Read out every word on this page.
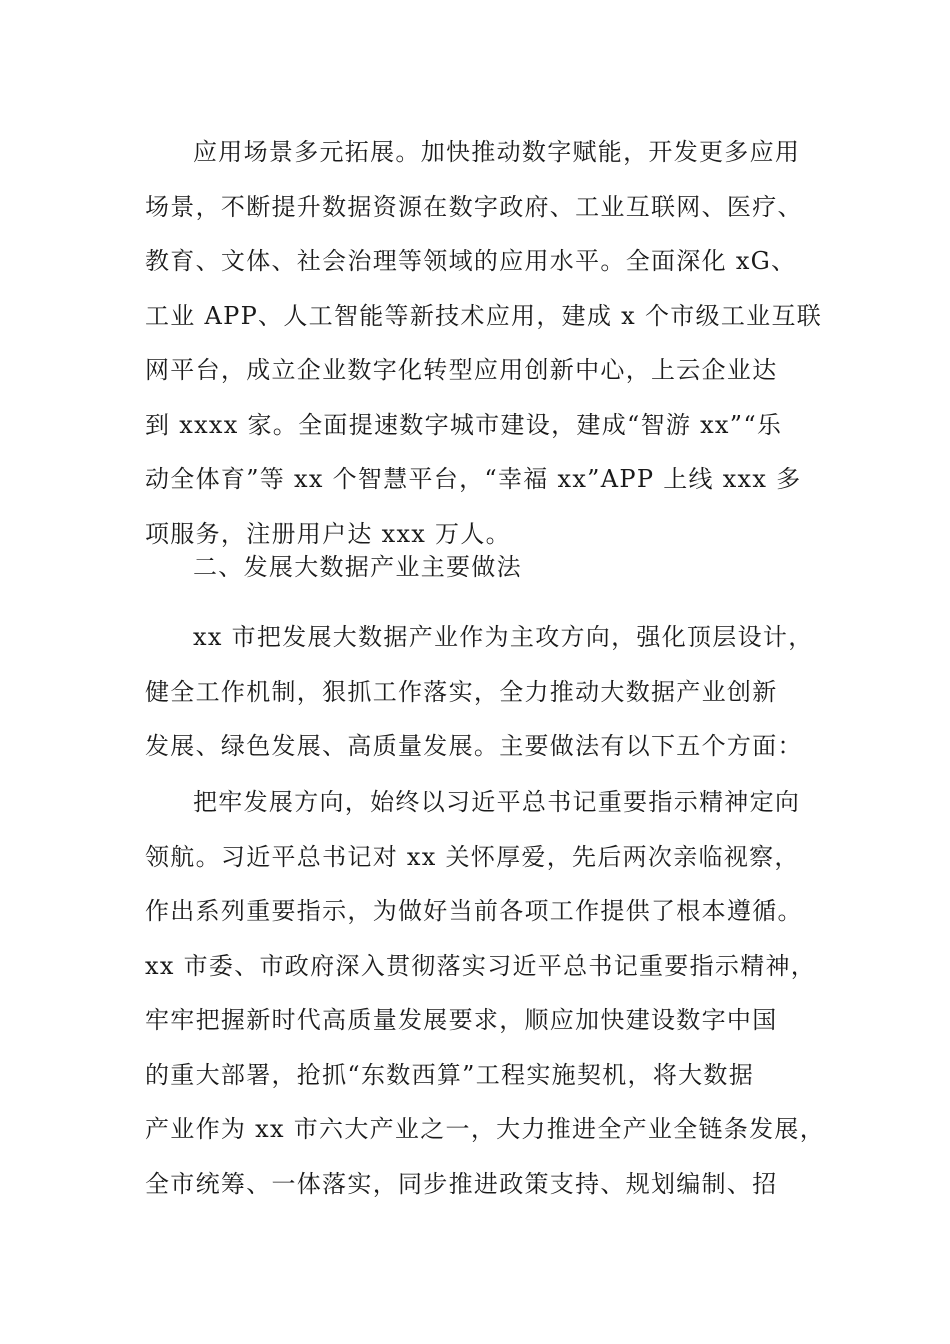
应用场景多元拓展。加快推动数字赋能，开发更多应用
场景，不断提升数据资源在数字政府、工业互联网、医疗、
教育、文体、社会治理等领域的应用水平。全面深化 xG、
工业 APP、人工智能等新技术应用，建成 x 个市级工业互联
网平台，成立企业数字化转型应用创新中心，上云企业达
到 xxxx 家。全面提速数字城市建设，建成“智游 xx”“乐
动全体育”等 xx 个智慧平台，“幸福 xx”APP 上线 xxx 多
项服务，注册用户达 xxx 万人。
二、发展大数据产业主要做法
xx 市把发展大数据产业作为主攻方向，强化顶层设计，
健全工作机制，狠抓工作落实，全力推动大数据产业创新
发展、绿色发展、高质量发展。主要做法有以下五个方面：
把牢发展方向，始终以习近平总书记重要指示精神定向
领航。习近平总书记对 xx 关怀厚爱，先后两次亲临视察，
作出系列重要指示，为做好当前各项工作提供了根本遵循。
xx 市委、市政府深入贯彻落实习近平总书记重要指示精神，
牢牢把握新时代高质量发展要求，顺应加快建设数字中国
的重大部署，抢抓“东数西算”工程实施契机，将大数据
产业作为 xx 市六大产业之一，大力推进全产业全链条发展，
全市统筹、一体落实，同步推进政策支持、规划编制、招
